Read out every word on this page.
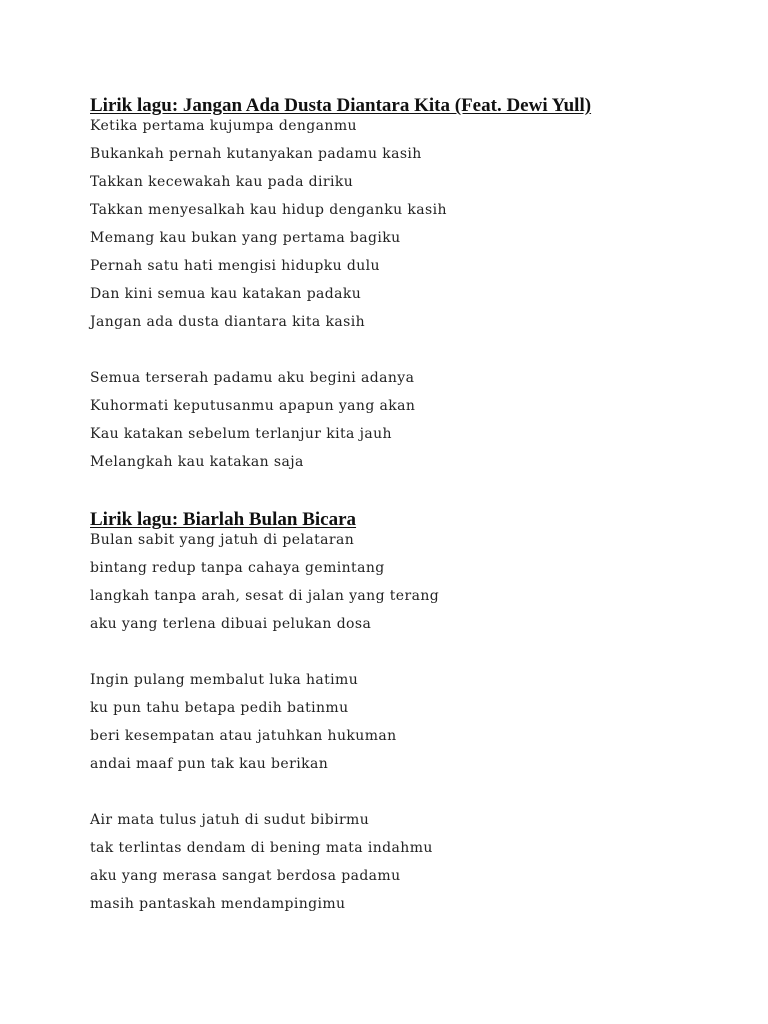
Lirik lagu: Jangan Ada Dusta Diantara Kita (Feat. Dewi Yull)
Ketika pertama kujumpa denganmu
Bukankah pernah kutanyakan padamu kasih
Takkan kecewakah kau pada diriku
Takkan menyesalkah kau hidup denganku kasih
Memang kau bukan yang pertama bagiku
Pernah satu hati mengisi hidupku dulu
Dan kini semua kau katakan padaku
Jangan ada dusta diantara kita kasih
Semua terserah padamu aku begini adanya
Kuhormati keputusanmu apapun yang akan
Kau katakan sebelum terlanjur kita jauh
Melangkah kau katakan saja
Lirik lagu: Biarlah Bulan Bicara
Bulan sabit yang jatuh di pelataran
bintang redup tanpa cahaya gemintang
langkah tanpa arah, sesat di jalan yang terang
aku yang terlena dibuai pelukan dosa
Ingin pulang membalut luka hatimu
ku pun tahu betapa pedih batinmu
beri kesempatan atau jatuhkan hukuman
andai maaf pun tak kau berikan
Air mata tulus jatuh di sudut bibirmu
tak terlintas dendam di bening mata indahmu
aku yang merasa sangat berdosa padamu
masih pantaskah mendampingimu
